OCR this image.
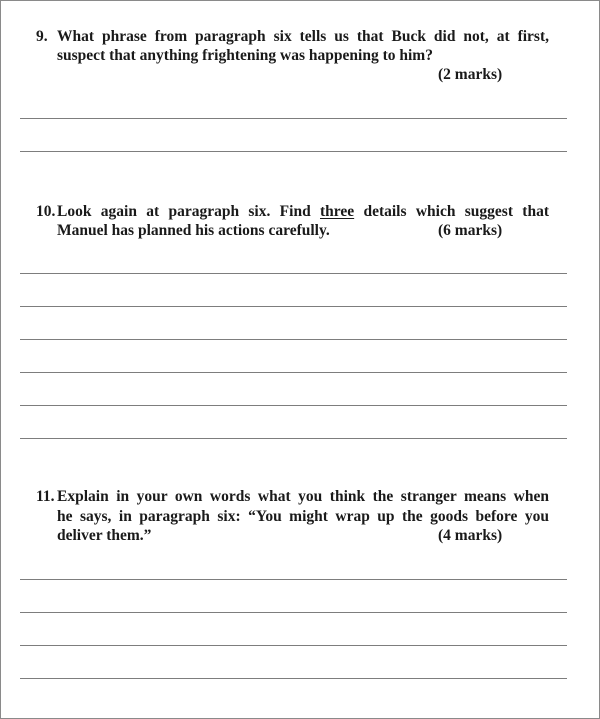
9. What phrase from paragraph six tells us that Buck did not, at first,
suspect that anything frightening was happening to him?
(2 marks)
10. Look again at paragraph six. Find three details which suggest that
Manuel has planned his actions carefully.	(6 marks)
11. Explain in your own words what you think the stranger means when
he says, in paragraph six: “You might wrap up the goods before you
deliver them.”	(4 marks)
